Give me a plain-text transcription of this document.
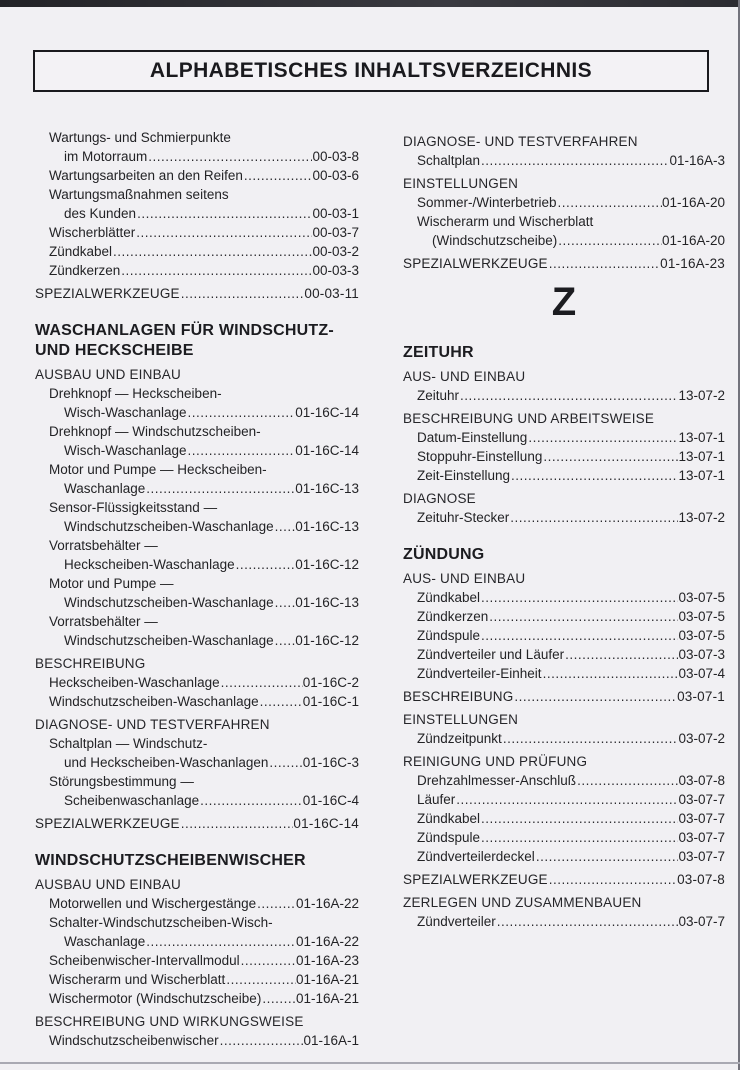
ALPHABETISCHES INHALTSVERZEICHNIS
Wartungs- und Schmierpunkte
im Motorraum .....	00-03-8
Wartungsarbeiten an den Reifen .....	00-03-6
Wartungsmaßnahmen seitens
des Kunden .....	00-03-1
Wischerblätter .....	00-03-7
Zündkabel .....	00-03-2
Zündkerzen .....	00-03-3
SPEZIALWERKZEUGE .....	00-03-11
WASCHANLAGEN FÜR WINDSCHUTZ-
UND HECKSCHEIBE
AUSBAU UND EINBAU
Drehknopf — Heckscheiben-
Wisch-Waschanlage .....	01-16C-14
Drehknopf — Windschutzscheiben-
Wisch-Waschanlage .....	01-16C-14
Motor und Pumpe — Heckscheiben-
Waschanlage .....	01-16C-13
Sensor-Flüssigkeitsstand —
Windschutzscheiben-Waschanlage ..... 01-16C-13
Vorratsbehälter —
Heckscheiben-Waschanlage .....	01-16C-12
Motor und Pumpe —
Windschutzscheiben-Waschanlage ..... 01-16C-13
Vorratsbehälter —
Windschutzscheiben-Waschanlage ..... 01-16C-12
BESCHREIBUNG
Heckscheiben-Waschanlage .....	01-16C-2
Windschutzscheiben-Waschanlage .....	01-16C-1
DIAGNOSE- UND TESTVERFAHREN
Schaltplan — Windschutz-
und Heckscheiben-Waschanlagen .....	01-16C-3
Störungsbestimmung —
Scheibenwaschanlage .....	01-16C-4
SPEZIALWERKZEUGE .....	01-16C-14
WINDSCHUTZSCHEIBENWISCHER
AUSBAU UND EINBAU
Motorwellen und Wischergestänge .....	01-16A-22
Schalter-Windschutzscheiben-Wisch-
Waschanlage .....	01-16A-22
Scheibenwischer-Intervallmodul .....	01-16A-23
Wischerarm und Wischerblatt .....	01-16A-21
Wischermotor (Windschutzscheibe) .....	01-16A-21
BESCHREIBUNG UND WIRKUNGSWEISE
Windschutzscheibenwischer .....	01-16A-1
DIAGNOSE- UND TESTVERFAHREN
Schaltplan .....	01-16A-3
EINSTELLUNGEN
Sommer-/Winterbetrieb .....	01-16A-20
Wischerarm und Wischerblatt
(Windschutzscheibe) .....	01-16A-20
SPEZIALWERKZEUGE .....	01-16A-23
Z
ZEITUHR
AUS- UND EINBAU
Zeituhr .....	13-07-2
BESCHREIBUNG UND ARBEITSWEISE
Datum-Einstellung .....	13-07-1
Stoppuhr-Einstellung .....	13-07-1
Zeit-Einstellung .....	13-07-1
DIAGNOSE
Zeituhr-Stecker .....	13-07-2
ZÜNDUNG
AUS- UND EINBAU
Zündkabel .....	03-07-5
Zündkerzen .....	03-07-5
Zündspule .....	03-07-5
Zündverteiler und Läufer .....	03-07-3
Zündverteiler-Einheit .....	03-07-4
BESCHREIBUNG .....	03-07-1
EINSTELLUNGEN
Zündzeitpunkt .....	03-07-2
REINIGUNG UND PRÜFUNG
Drehzahlmesser-Anschluß .....	03-07-8
Läufer .....	03-07-7
Zündkabel .....	03-07-7
Zündspule .....	03-07-7
Zündverteilerdeckel .....	03-07-7
SPEZIALWERKZEUGE .....	03-07-8
ZERLEGEN UND ZUSAMMENBAUEN
Zündverteiler .....	03-07-7
